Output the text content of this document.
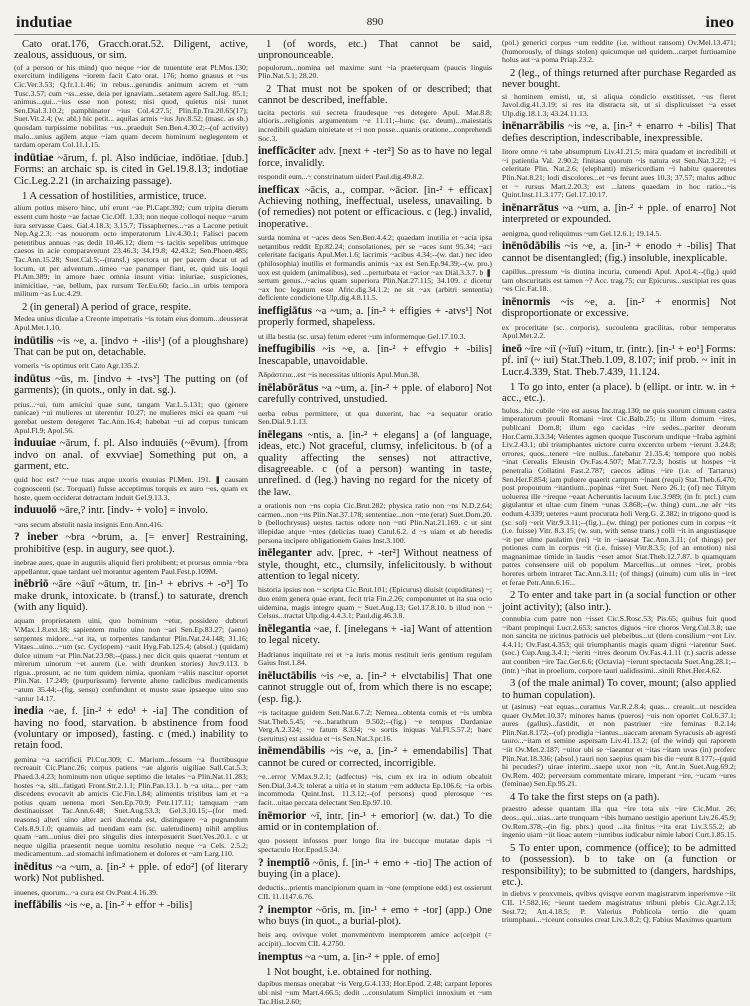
indutiae	890	ineo

Cato orat.176, Gracch.orat.52. Diligent, active, zealous, assiduous, or sim.

(of a person or his mind) quo neque ~ior de tuuentute erat Pl.Mos.130; exercitum indiligens ~iorem facit Cato orat. 176; homo gnauus et ~us Cic.Ver.3.53; Q.fr.1.1.46; in rebus...gerundis animum acrem et ~um Tusc.3.57; cum ~ss...esse, deia per ignaviam...setatem agere Sall.Jug. 85.1; animus...qui...~ius esse non potest; nisi quod, quietus nisi tunet Sen.Dial.3.10.2; pamphinator ~ius Col.4.27.5; Plin.Ep.Tra.20.65(17); Suet.Vit.2.4; (w. abl.) hic petit... aquilas armis ~ius Juv.8.52; (masc. as sb.) quosdam turpissime nobilitas ~us...praeduit Sen.Ben.4.30.2;--(of activity) malo...unius agilem atque ~iam quam decem hominum neglegentem et tardam operam Col.11.1.15.

indūtiae ~ārum, f. pl. Also indūciae, indōtiae. [dub.] Forms: an archaic sp. is cited in Gel.19.8.13; indotiae Cic.Leg.2.21 (in archaizing passage).

1 A cessation of hostilities, armistice, truce.

alium potius misero hinc, ubi erunt ~ae Pl.Capt.392; cum tripita dierum essent cum hoste ~ae factae Cic.Off. 1.33; non neque colloqui neque ~arum iura servasse Caes. Gal.4.18.3; 3.15.7; Tissaphernes...~as a Lacone petiuit Nep.Ag.2.3; ~as nouorum octo imperatorum Liv.4.30.1; Falisci pacem petentibus annuas ~as dedit 10.46.12; diem ~s tacitis sepelibus utrimque caesos in acie comparaverunt 23.46.3; 34.19.8; 42.43.2; Sen.Phoen.485; Tac.Ann.15.28; Suet.Cal.5;--(transf.) spectora ut per pacem ducat ut ad locum, ut per adventum...timeo ~ae parumper fiant, et, quid uis loqui Pl.Am.389; in amore haec omnia insunt vitia: iniuriae, suspiciones, inimicitiae, ~ae, bellum, pax rursum Ter.Eu.60; facio...in urbis tempora militum ~as Luc.4.29.

2 (in general) A period of grace, respite.

Medea unius diculae a Creonte impetratis ~is totam eius domum...deusserat Apul.Met.1.10.

indūtilis ~is ~e, a. [indvo + -ilis¹] (of a ploughshare) That can be put on, detachable.

vomeris ~is optimus erit Cato Agr.135.2.

indūtus ~ūs, m. [indvo + -tvs³] The putting on (of garments); (in quots., only in dat. sg.).

prius...~ui, tum amiciui quae sunt, tangam Var.L.5.131; quo (genere tunicae) ~ui mulieres ut uterentur 10.27; ne mulieres mici ea quam ~ui gerebat uestem detegeret Tac.Ann.16.4; habebat ~ui ad corpus tunicam Apul.Fl.9; Apol.56.

induuiae ~ārum, f. pl. Also induuiēs (~ēvum). [from indvo on anal. of exvviae] Something put on, a garment, etc.

quid hoc est? ~~ue tuas atque uxoris exuuias Pl.Men. 191. ❚ causam cognoscenti (sc. Torquati) fulsse acceptimus torquis ex auro ~es, quam ex hoste, quem occiderat detractam induit Gel.9.13.3.

induuolō ~āre,? intr. [indv- + volo] = involo.

~ans secum abstulit nasia insignis Enn.Ann.416.

? ineber ~bra ~brum, a. [= enver] Restraining, prohibitive (esp. in augury, see quot.).

inebrae aues, quae in auguriis aliquid fieri prohibent; et prorsus omnia ~bra appellantur, quae tardant uel morantur agentem Paul.Fest.p.109M.

inēbriō ~āre ~āuī ~ātum, tr. [in-¹ + ebrivs + -o³] To make drunk, intoxicate. b (transf.) to saturate, drench (with any liquid).

aquam proprietatem uini, quo hominum ~etur, possidere dubrori V.Max.1.8.ext.18; sapientem multo uino non ~ari Sen.Ep.83.27; (aeno) serpentes midore...~at ita, ut torpentes tandantur Plin.Nat.24.148; 31.16; Vitaes...uino...~um (sc. Cyclopem) ~auit Hyg.Fab.125.4; (absol.) (quidam) dulce uinum ~at Plin.Nat.23.98;--(pass.) nec dicit quis quaerat ~tentum et mirerum uinorum ~et aurem (i.e. with drunken stories) Juv.9.113. b rigua...prosunt, ac ne tum quidem nimia, quoniam ~aliis nascitur oportet Plin.Nat. 17.249; (purpurissum) fervente aheno radicibus medicamentis ~atum 35.44;--(fig. sensu) confundunt et musto suae ipsaeque uino suo ~antur 14.17.

inedia ~ae, f. [in-² + edo¹ + -ia] The condition of having no food, starvation. b abstinence from food (voluntary or imposed), fasting. c (med.) inability to retain food.

gemina ~a sacrificii Pl.Cur.309; C. Marium...fessum ~a fluctibusque recreauit Cic.Planc.26; corpus patiens ~ae algoris uigiliae Sall.Cat.5.3; Phaed.3.4.23; hominum non utique septimo die letales ~a Plin.Nat.11.283; hostes ~a, siti...fatigati Front.Str.2.1.1; Plin.Pan.13.1. b ~a uita... per ~am discedens evocavit ab amicis Cic.Fin.1.84; alimentis tristibus iam et ~a potius quam uenena mori Sen.Ep.70.9; Petr.117.11; tamquam ~am destinauisset Tac.Ann.6.48; Suet.Aug.53.3; Gel.3.10.15;--(for med. reasons) alteri uino alter acri ducenda est, distinguere ~a pugnandum Cels.8.9.1.0; quamuis ad tuendam eam (sc. ualetudinem) nihil amplius quam ~am...unius diei pro singulis dies interposuerit Suet.Ves.20.1. c ut neque uigilia praesentit neque uomitu resolutio neque ~a Cels. 2.5.2; medicamentum...ad stomachi infimationem et dolores et ~am Larg.110.

inēditus ~a ~um, a. [in-² + pple. of edo²] (of literary work) Not published.

inuenes, quorum...~a cura est Ov.Pont.4.16.39.

ineffābilis ~is ~e, a. [in-² + effor + -bilis]

1 (of words, etc.) That cannot be said, unpronounceable.

populorum...nomina uel maxime sunt ~ia praeterquam (paucis linguis Plin.Nat.5.1; 28.20.

2 That must not be spoken of or described; that cannot be described, ineffable.

tacita pectoris sui secreta fraudesque ~es detegere Apul. Mat.8.8; altioris...religionis argumentum ~e 11.11;--hunc (sc. deum)...maiestatis incredibili quadam ninietate et ~i non posse...quanis oratione...conprehendi Soc.3.

ineffīcāciter adv. [next + -ter²] So as to have no legal force, invalidly.

respondit eum...~ constrinatum uideri Paul.dig.49.8.2.

inefficax ~ācis, a., compar. ~ācior. [in-² + efficax] Achieving nothing, ineffectual, useless, unavailing. b (of remedies) not potent or efficacious. c (leg.) invalid, inoperative.

surda nomina et ~aces deos Sen.Ben.4.4.2; quaedam inutilia et ~acia ipsa uetantibus reddit Ep.82.24; consolationes, per se ~aces sunt 95.34; ~aci celeritate facigatis Apul.Met.1.6; lacrimis ~acibus 4.34;--(w. dat.) nec ideo (philosophia) inutilis et formandis animis ~ax est Sen.Ep.94.39;--(w. pro.) uox est quidem (animalibus), sed ...perturbata et ~acior ~ax Dial.3.3.7. b ❚ sertum genus...~acius quam superiora Plin.Nat.27.115; 34.109. c dicetur ~ax hoc legatum esse Afric.dig.34.1.2; ne sit ~ax (arbitri sententia) deficiente condicione Ulp.dig.4.8.11.5.

ineffigiātus ~a ~um, a. [in-² + effigies + -atvs¹] Not properly formed, shapeless.

ut illa bestia (sc. ursa) fetum ederet ~um informemque Gel.17.10.3.

ineffugibilis ~is ~e, a. [in-² + effvgio + -bilis] Inescapable, unavoidable.

Ἀδράστεια...est ~is necessitas ultionis Apul.Mun.38.

inēlabōrātus ~a ~um, a. [in-² + pple. of elaboro] Not carefully contrived, unstudied.

uerba rebus permittere, ut qua duxerint, hac ~a sequatur oratio Sen.Dial.9.1.13.

inēlegans ~ntis, a. [in-² + elegans] a (of language, ideas, etc.) Not graceful, clumsy, infelicitous. b (of a quality affecting the senses) not attractive, disagreeable. c (of a person) wanting in taste, unrefined. d (leg.) having no regard for the nicety of the law.

a orationis non ~ns copia Cic.Brut.282; physica ratio non ~ns N.D.2.64; carmen...non ~ns Plin.Nat.37.178; sententiae...non ~nte (erat) Suet.Dom.20. b (bellochrysus) uestes tactus odore non ~nti Plin.Nat.21.169. c ut sint illepidae atque ~ntes (delicias tuae) Catul.6.2. d ~s uiam et ab heredis persona incipere obligationem Gaius Inst.3.100.

inēleganter adv. [prec. + -ter²] Without neatness of style, thought, etc., clumsily, infelicitously. b without attention to legal nicety.

historia ipsius non ~ scripta Cic.Brut.101; (Epicurus) diuisit (cupiditates) ~; duo enim genera quae erant, fecit tria Fin.2.26; componuntet ut ita sua ocio uidemina, magis integre quam ~ Suet.Aug.13; Gel.17.8.10. b illud non ~ Celsus...tractat Ulp.dig.4.4.3.1; Paul.dig.46.3.8.

inēlegantia ~ae, f. [inelegans + -ia] Want of attention to legal nicety.

Hadrianus inquiitate rei et ~a iuris motus restituit ieris gentium regulam Gaius Inst.1.84.

inēluctābilis ~is ~e, a. [in-² + elvctabilis] That one cannot struggle out of, from which there is no escape; (esp. fig.).

~is tacitaque guidem Sen.Nat.6.7.2; Nemea...obtenta comis et ~is umbra Stat.Theb.5.45; ~e...barathrum 9.502;--(fig.) ~e tempus Dardaniae Verg.A.2.324; ~e fatum 8.334; ~e sortis iniquas Val.Fl.5.57.2; haec (seruitus) est assidua et ~is Sen.Nat.3.pr.16.

inēmendābilis ~is ~e, a. [in-² + emendabilis] That cannot be cured or corrected, incorrigible.

~e...error V.Max.9.2.1; (adfectus) ~is, cum ex ira in odium obcaluit Sen.Dial.3.4.3; tolerat a uitia et in statum ~em adducta Ep.106.6; ~ia orbis incommoda Quint.Inst. 11.3.12;--(of persons) quod plerosque ~es facit...uitae peccata delectant Sen.Ep.97.10.

inēmorior ~ī, intr. [in-¹ + emorior] (w. dat.) To die amid or in contemplation of.

quo possent infossos puer longo fita ire buccque mutatae dapis ~i spectaculo Hor.Epod.5.34.

? inemptiō ~ōnis, f. [in-¹ + emo + -tio] The action of buying (in a place).

deductis...prientis mancipiorum quam in ~one (emptione edd.) est ossierunt CIL 11.1147.6.76.

? inemptor ~ōris, m. [in-¹ + emo + -tor] (app.) One who buys (in quot., a burial-plot).

heis aeq. ovivque volet monvmentvm inemptorem amice ac(ce)pit (= accipit)...locvm CIL 4.2750.

inemptus ~a ~um, a. [in-² + pple. of emo]

1 Not bought, i.e. obtained for nothing.

dapibus mensas onerabat ~is Verg.G.4.133; Hor.Epod. 2.48; carpant Iepores ubi nisl ~um Mart.4.66.5; dedit ...consulatum Simplici innoxium et ~um Tac.Hist.2.60;

(pol.) generici corpus ~um reddite (i.e. without ransom) Ov.Mel.13.471; (humorously, of things stolen) quicumque uel quidem...carpet furtiuamine holus aut ~a poma Priap.23.2.

2 (leg., of things returned after purchase Regarded as never bought.

si hominem emisti, ut, si aliqua condicio exstitisset, ~us fieret Javol.dig.41.3.19; si res ita distracta sit, ut si displicuisset ~a esset Ulp.dig.18.1.3; 43.24.11.13.

inēnarrābilis ~is ~e, a. [in-² + enarro + -bilis] That defies description, indescribable, inexpressible.

litore omne ~i tabe absumptum Liv.41.21.5; mira quadam et incredibili et ~i patientia Val. 2.90.2; finitasa quorum ~is natura est Sen.Nat.3.22; ~i celeritate Plin. Nat.2.6; (elephanti) misericordiam ~i habitu quaerentes Plin.Nat.8.21; lodi discolores...et ~es ferunt aues 10.3; 37.57; malus adhuc et ~ rursus Mart.2.20.3; est ...latens quaedam in hoc ratio...~is Quint.Inst.11.3.177; Gel.17.10.17.

inēnarrātus ~a ~um, a. [in-² + pple. of enarro] Not interpreted or expounded.

aenigma, quod reliquimus ~um Gel.12.6.1; 19.14.5.

inēnōdābilis ~is ~e, a. [in-² + enodo + -bilis] That cannot be disentangled; (fig.) insoluble, inexplicable.

capillus...pressum ~is diutina incuria, cumendi Apul. Apol.4;--(fig.) quid tam obscuritatis est tamen ~? Acc. trag.75; cur Epicurus...suscipiat res quas ~es Cic.Fat.18.

inēnormis ~is ~e, a. [in-² + enormis] Not disproportionate or excessive.

ex proceritate (sc. corporis), sucoulenta gracilitas, robur temperatus Apul.Met.2.2.

ineō ~īre ~iī (~īuī) ~itum, tr. (intr.). [in-¹ + eo¹] Forms: pf. inī (~ iui) Stat.Theb.1.09, 8.107; inif prob. ~ init in Lucr.4.339, Stat. Theb.7.439, 11.124.

1 To go into, enter (a place). b (ellipt. or intr. w. in + acc., etc.).

hulus...hic cubile ~ire est ausus Inc.trag.130; ne quis suorum cimuun castra imperatorum prouli Romani ~iret Cic.Balb.25; tu illum domum ~ires, publicani Dom.8; illum ego cacidas ~ire sedes...pariter deorum Hor.Carm.3.3.34; Velentes agmen quoque Tuscorum undique ~Iraba agmini Liv.2.43.1; ubi triumphantes uictore curru excerctu urbem ~ierunt 3.24.8; errores, quos...tenere ~ire nullus...fatebatur 21.35.4; tempore quo nobis ~inat Cerealis Eleusin Ov.Fas.4.507; Mar.7.72.3; hostis ut hospes ~it penetralia Collatini Fast.2.787; caecos aditus ~ire (i.e. of Tartarus) Sen.Her.F.854; iam puluere quaerit campum ~inant (requi) Stat.Theb.6.470; post propoutum ~itantium...popinas ~iret Suet. Nero 26.1; (of) nec Tiltym uoluerea ille ~ireque ~eaat Acheruntis lacuum Luc.3.989; (in fr. ptcl.) cum gigulantur et ultae cum finem ~unas 3.868;--(w. thing) cum...ne aër ~its eodum 4.339; ueteres ~aunt procurata holi Verg.G. 2.382; in trigono quod is (sc. sol) ~erit Vitr.9.3.11;--(fig.)...(w. thing) per potiones cum in corpus ~it (i.e. fuisse) Vitr. 8.3.15; (w. sun, with sense trans.) colli ~it in angustiasque ~it per ulme paulatim (rei) ~it in ~iaeasat Tac.Ann.3.11; (of things) per potiones cum in corpus ~it (i.e. fuisse) Vitr.8.3.5; (of an emotion) nisi magnanimae timide in laudis ~eset amor Stat.Theb.12.7.87. b quamquam patres consensere uiil ob populum Marcellus...ut omnes ~iret, probis horeres urbem intraret Tac.Ann.3.11; (of things) (uinum) cum ulis in ~iret et ferae Petr.Ann.6.16...

2 To enter and take part in (a social function or other joint activity); (also intr.).

connubia cum patre non ~isset Cic.S.Rosc.53; Pis.65; quibus fuit quod ~ibant propinqui Lucr.2.653; sanctos diguos ~ire choros Verg.Cul.3.8; uae non sancita ne uicinus patrocis uel plebeibus...ut (tlern consilium ~ent Liv. 4.4.11; Ov.Fast.4.353; qui triumphantis magis quam digni ~iarentur Suet.(soc.) Cup.Aug.3.4.1; ~ieriti ~itres deorum Ov.Fas.4.1.11 (r.) sacris adesse aut contiben ~ire Tac.Ger.6.6; (Octavia) ~ierunt spectacula Suet.Ang.28.1;--(intr.) ~ibat in proelium, corpore tauri ualidissimi...sinili Rhet.Her.4.62.

3 (of the male animal) To cover, mount; (also applied to human copulation).

ut (asinus) ~eat equas...curamus Var.R.2.8.4; quas... creauit...ut nescidea quaer Ov.Met.10.37; minores hanus (pueros) ~uis non oportet Col.6.37.1; aures (gallus)...fastidit, et non pastriuer ~ire feminas 8.2.14; Plin.Nat.8.172;--(of) prodigia ~iantus...uaccam arenam Syracusis ab agresti tauro...~itam et semine aspersam Liv.41.13.2; (of the wind) qui raporem ~iit Ov.Met.2.187; ~uitor ubi se ~iaeantur et ~itas ~itam uvas (in) proferc Plin.Nat.18.336; (absol.) tauri non saepius quam bis die ~eunt 8.177;--(quid hi pecudes?) uirae interim...saepe uxor non ~it, Ant.in Suet.Aug.69.2; Ov.Rem. 402; perversum commentate mirare, imperant ~ire, ~ucam ~ures (feminae) Sen.Ep.95.21.

4 To take the first steps on (a path).

praestro adesse quantam illa qua ~ire tota uix ~ire Cic.Mur. 26; deos...qui...uias...arte trunquam ~ibis humano uestigio aperiunt Liv.26.45.9; Ov.Rem.378;--(in fig. phrs.) quod ...ita finitus ~ita erat Liv.3.55.2; ab ingenio uiam ~iit lioac autem ~iuntibus iudicabur nimie labori Curt.1.85.15.

5 To enter upon, commence (office); to be admitted to (possession). b to take on (a function or responsibility); to be submitted to (dangers, hardships, etc.).

in diebvs v proxvmeis, qvibvs qvisqve eorvm magistratvm inperivmve ~iit CIL 1².582.16; ~ieunt taedem magistratus tribuni plebis Cic.Agr.2.13; Sest.72; Att.4.18.5; P. Valerius Poblicola tertio die quam triumphaui...~iceunt consules creat Liv.3.8.2; Q. Fabius Maximus quartum
